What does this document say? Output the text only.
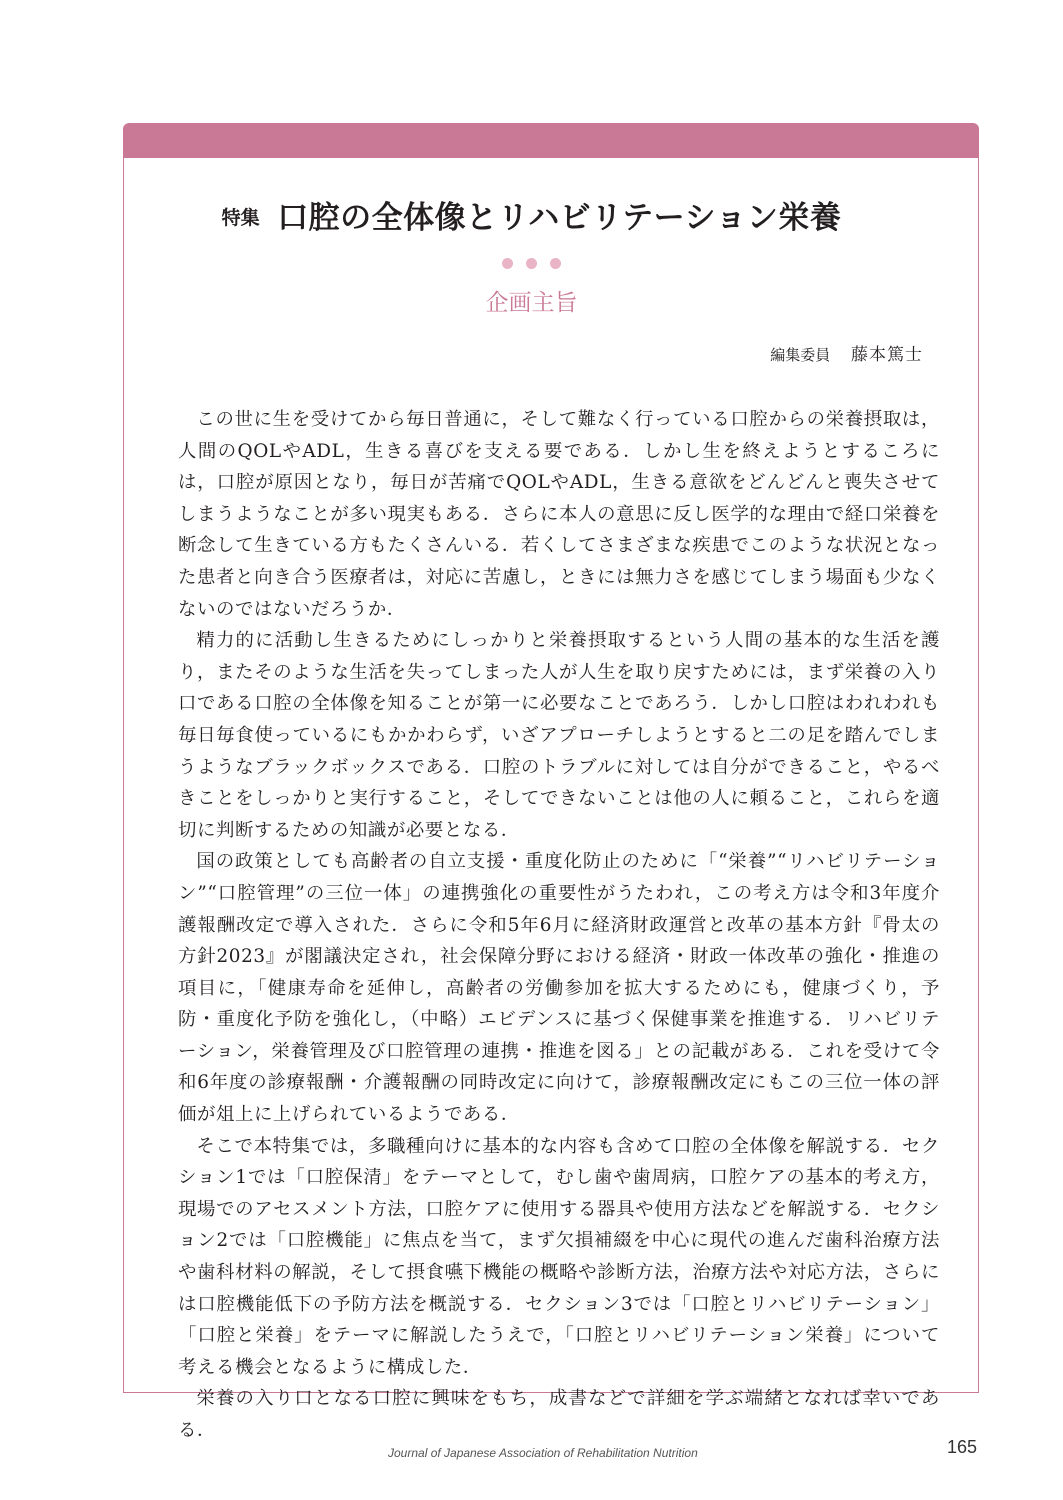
特集 口腔の全体像とリハビリテーション栄養

企画主旨
編集委員 藤本篤士

この世に生を受けてから毎日普通に，そして難なく行っている口腔からの栄養摂取は，人間のQOLやADL，生きる喜びを支える要である．しかし生を終えようとするころには，口腔が原因となり，毎日が苦痛でQOLやADL，生きる意欲をどんどんと喪失させてしまうようなことが多い現実もある．さらに本人の意思に反し医学的な理由で経口栄養を断念して生きている方もたくさんいる．若くしてさまざまな疾患でこのような状況となった患者と向き合う医療者は，対応に苦慮し，ときには無力さを感じてしまう場面も少なくないのではないだろうか．

精力的に活動し生きるためにしっかりと栄養摂取するという人間の基本的な生活を護り，またそのような生活を失ってしまった人が人生を取り戻すためには，まず栄養の入り口である口腔の全体像を知ることが第一に必要なことであろう．しかし口腔はわれわれも毎日毎食使っているにもかかわらず，いざアプローチしようとすると二の足を踏んでしまうようなブラックボックスである．口腔のトラブルに対しては自分ができること，やるべきことをしっかりと実行すること，そしてできないことは他の人に頼ること，これらを適切に判断するための知識が必要となる．

国の政策としても高齢者の自立支援・重度化防止のために「“栄養”“リハビリテーション”“口腔管理”の三位一体」の連携強化の重要性がうたわれ，この考え方は令和3年度介護報酬改定で導入された．さらに令和5年6月に経済財政運営と改革の基本方針『骨太の方針2023』が閣議決定され，社会保障分野における経済・財政一体改革の強化・推進の項目に，「健康寿命を延伸し，高齢者の労働参加を拡大するためにも，健康づくり，予防・重度化予防を強化し，（中略）エビデンスに基づく保健事業を推進する．リハビリテーション，栄養管理及び口腔管理の連携・推進を図る」との記載がある．これを受けて令和6年度の診療報酬・介護報酬の同時改定に向けて，診療報酬改定にもこの三位一体の評価が俎上に上げられているようである．

そこで本特集では，多職種向けに基本的な内容も含めて口腔の全体像を解説する．セクション1では「口腔保清」をテーマとして，むし歯や歯周病，口腔ケアの基本的考え方，現場でのアセスメント方法，口腔ケアに使用する器具や使用方法などを解説する．セクション2では「口腔機能」に焦点を当て，まず欠損補綴を中心に現代の進んだ歯科治療方法や歯科材料の解説，そして摂食嚥下機能の概略や診断方法，治療方法や対応方法，さらには口腔機能低下の予防方法を概説する．セクション3では「口腔とリハビリテーション」「口腔と栄養」をテーマに解説したうえで，「口腔とリハビリテーション栄養」について考える機会となるように構成した．

栄養の入り口となる口腔に興味をもち，成書などで詳細を学ぶ端緒となれば幸いである．

Journal of Japanese Association of Rehabilitation Nutrition	165
